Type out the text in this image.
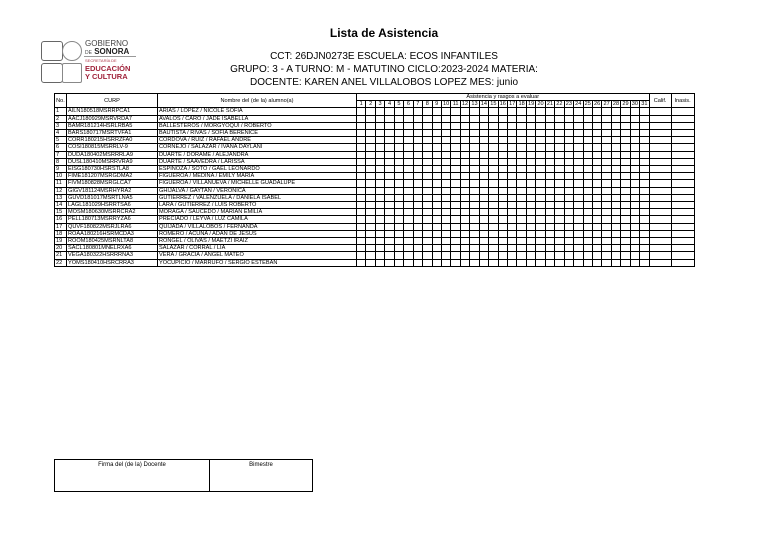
GOBIERNO
DE SONORA
SECRETARÍA DE
EDUCACIÓN
Y CULTURA
Lista de Asistencia
CCT: 26DJN0273E ESCUELA: ECOS INFANTILES
GRUPO: 3 - A TURNO: M - MATUTINO CICLO:2023-2024 MATERIA:
DOCENTE: KAREN ANEL VILLALOBOS LOPEZ MES: junio
No.	CURP	Nombre del (de la) alumno(a)	Asistencia y rasgos a evaluar																															Calif.	Inasis.
			1	2	3	4	5	6	7	8	9	10	11	12	13	14	15	16	17	18	19	20	21	22	23	24	25	26	27	28	29	30	31		
1	AILN180518MSRRPCA1	ARIAS / LOPEZ / NICOLE SOFIA																																	
2	AACJ180929MSRVRDA7	AVALOS / CARO / JADE ISABELLA																																	
3	BAMR181214HSRLRBA5	BALLESTEROS / MORGYOQUI / ROBERTO																																	
4	BARS180717MSRTVFA1	BAUTISTA / RIVAS / SOFIA BERENICE																																	
5	CORR180215HSRRZFA0	CORDOVA / RUIZ / RAFAEL ANDRE																																	
6	COSI180815MSRRLV-9	CORNEJO / SALAZAR / IVANA DAYLANI																																	
7	DUDA180402MSRRRLA9	DUARTE / DORAME / ALEJANDRA																																	
8	DUSL180410MSRRVRA9	DUARTE / SAAVEDRA / LARISSA																																	
9	EISG180730HSRSTLA8	ESPINOZA / SOTO / GAEL LEONARDO																																	
10	FIME181207MSRGDMA2	FIGUEROA / MEDINA / EMILY MARIA																																	
11	FIVM180828MSRGLCA7	FIGUEROA / VILLANUEVA / MICHELLE GUADALUPE																																	
12	GIGV181124MSRHYRA2	GHIJALVA / GAYTAN / VERONICA																																	
13	GUVD181017MSRTLNA5	GUTIERREZ / VALENZUELA / DANIELA ISABEL																																	
14	LAGL181029HSRRTSA6	LARA / GUTIERREZ / LUIS ROBERTO																																	
15	MOSM180630MSRRCRA2	MORAGA / SAUCEDO / MARIAN EMILIA																																	
16	PELL180713MSRRYZA6	PRECIADO / LEYVA / LUZ CAMILA																																	
17	QUVF180822MSRJLRA6	QUIJADA / VILLALOBOS / FERNANDA																																	
18	ROAA180216HSRMCDA3	ROMERO / ACUNA / ADAN DE JESUS																																	
19	ROOM180425MSRNLTA8	RONGEL / OLIVAS / MAETZI IRAIZ																																	
20	SACL180801MNELRXA6	SALAZAR / CORRAL / LIA																																	
21	VEGA180322HSRRRNA3	VERA / GRACIA / ANGEL MATEO																																	
22	YOMS180410HSRCRRA3	YOCUPICIO / MARRUFO / SERGIO ESTEBAN																																	
Firma del (de la) Docente	Bimestre
